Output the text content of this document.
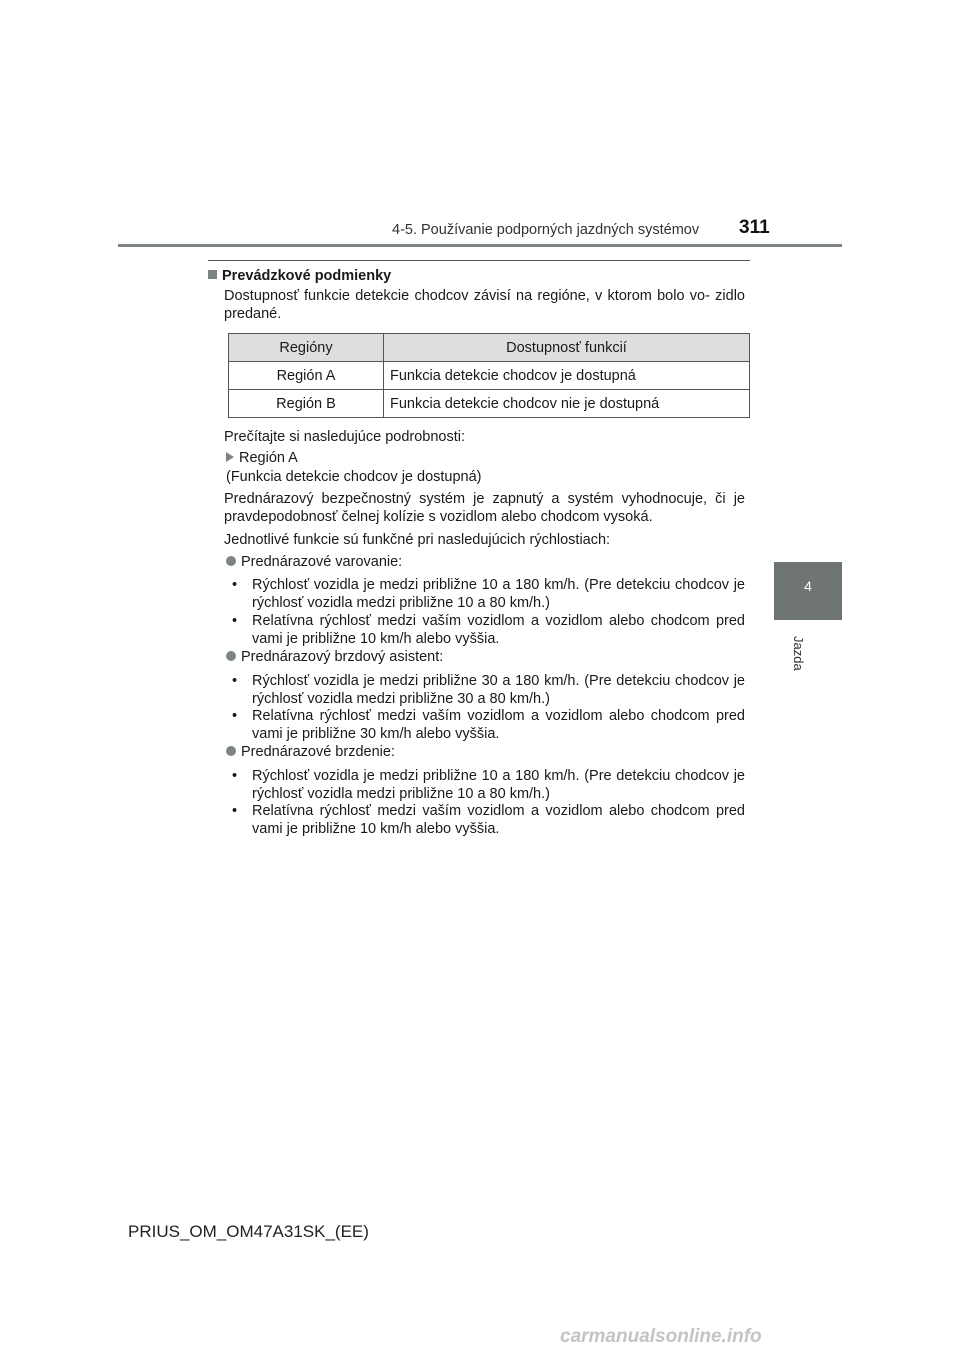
4-5. Používanie podporných jazdných systémov 311
4
Jazda
Prevádzkové podmienky
Dostupnosť funkcie detekcie chodcov závisí na regióne, v ktorom bolo vo- zidlo predané.
Regióny	Dostupnosť funkcií
Región A	Funkcia detekcie chodcov je dostupná
Región B	Funkcia detekcie chodcov nie je dostupná
Prečítajte si nasledujúce podrobnosti:
Región A
(Funkcia detekcie chodcov je dostupná)
Prednárazový bezpečnostný systém je zapnutý a systém vyhodnocuje, či je pravdepodobnosť čelnej kolízie s vozidlom alebo chodcom vysoká.
Jednotlivé funkcie sú funkčné pri nasledujúcich rýchlostiach:
Prednárazové varovanie:
• Rýchlosť vozidla je medzi približne 10 a 180 km/h. (Pre detekciu chodcov je rýchlosť vozidla medzi približne 10 a 80 km/h.)
• Relatívna rýchlosť medzi vaším vozidlom a vozidlom alebo chodcom pred vami je približne 10 km/h alebo vyššia.
Prednárazový brzdový asistent:
• Rýchlosť vozidla je medzi približne 30 a 180 km/h. (Pre detekciu chodcov je rýchlosť vozidla medzi približne 30 a 80 km/h.)
• Relatívna rýchlosť medzi vaším vozidlom a vozidlom alebo chodcom pred vami je približne 30 km/h alebo vyššia.
Prednárazové brzdenie:
• Rýchlosť vozidla je medzi približne 10 a 180 km/h. (Pre detekciu chodcov je rýchlosť vozidla medzi približne 10 a 80 km/h.)
• Relatívna rýchlosť medzi vaším vozidlom a vozidlom alebo chodcom pred vami je približne 10 km/h alebo vyššia.
PRIUS_OM_OM47A31SK_(EE)
carmanualsonline.info
